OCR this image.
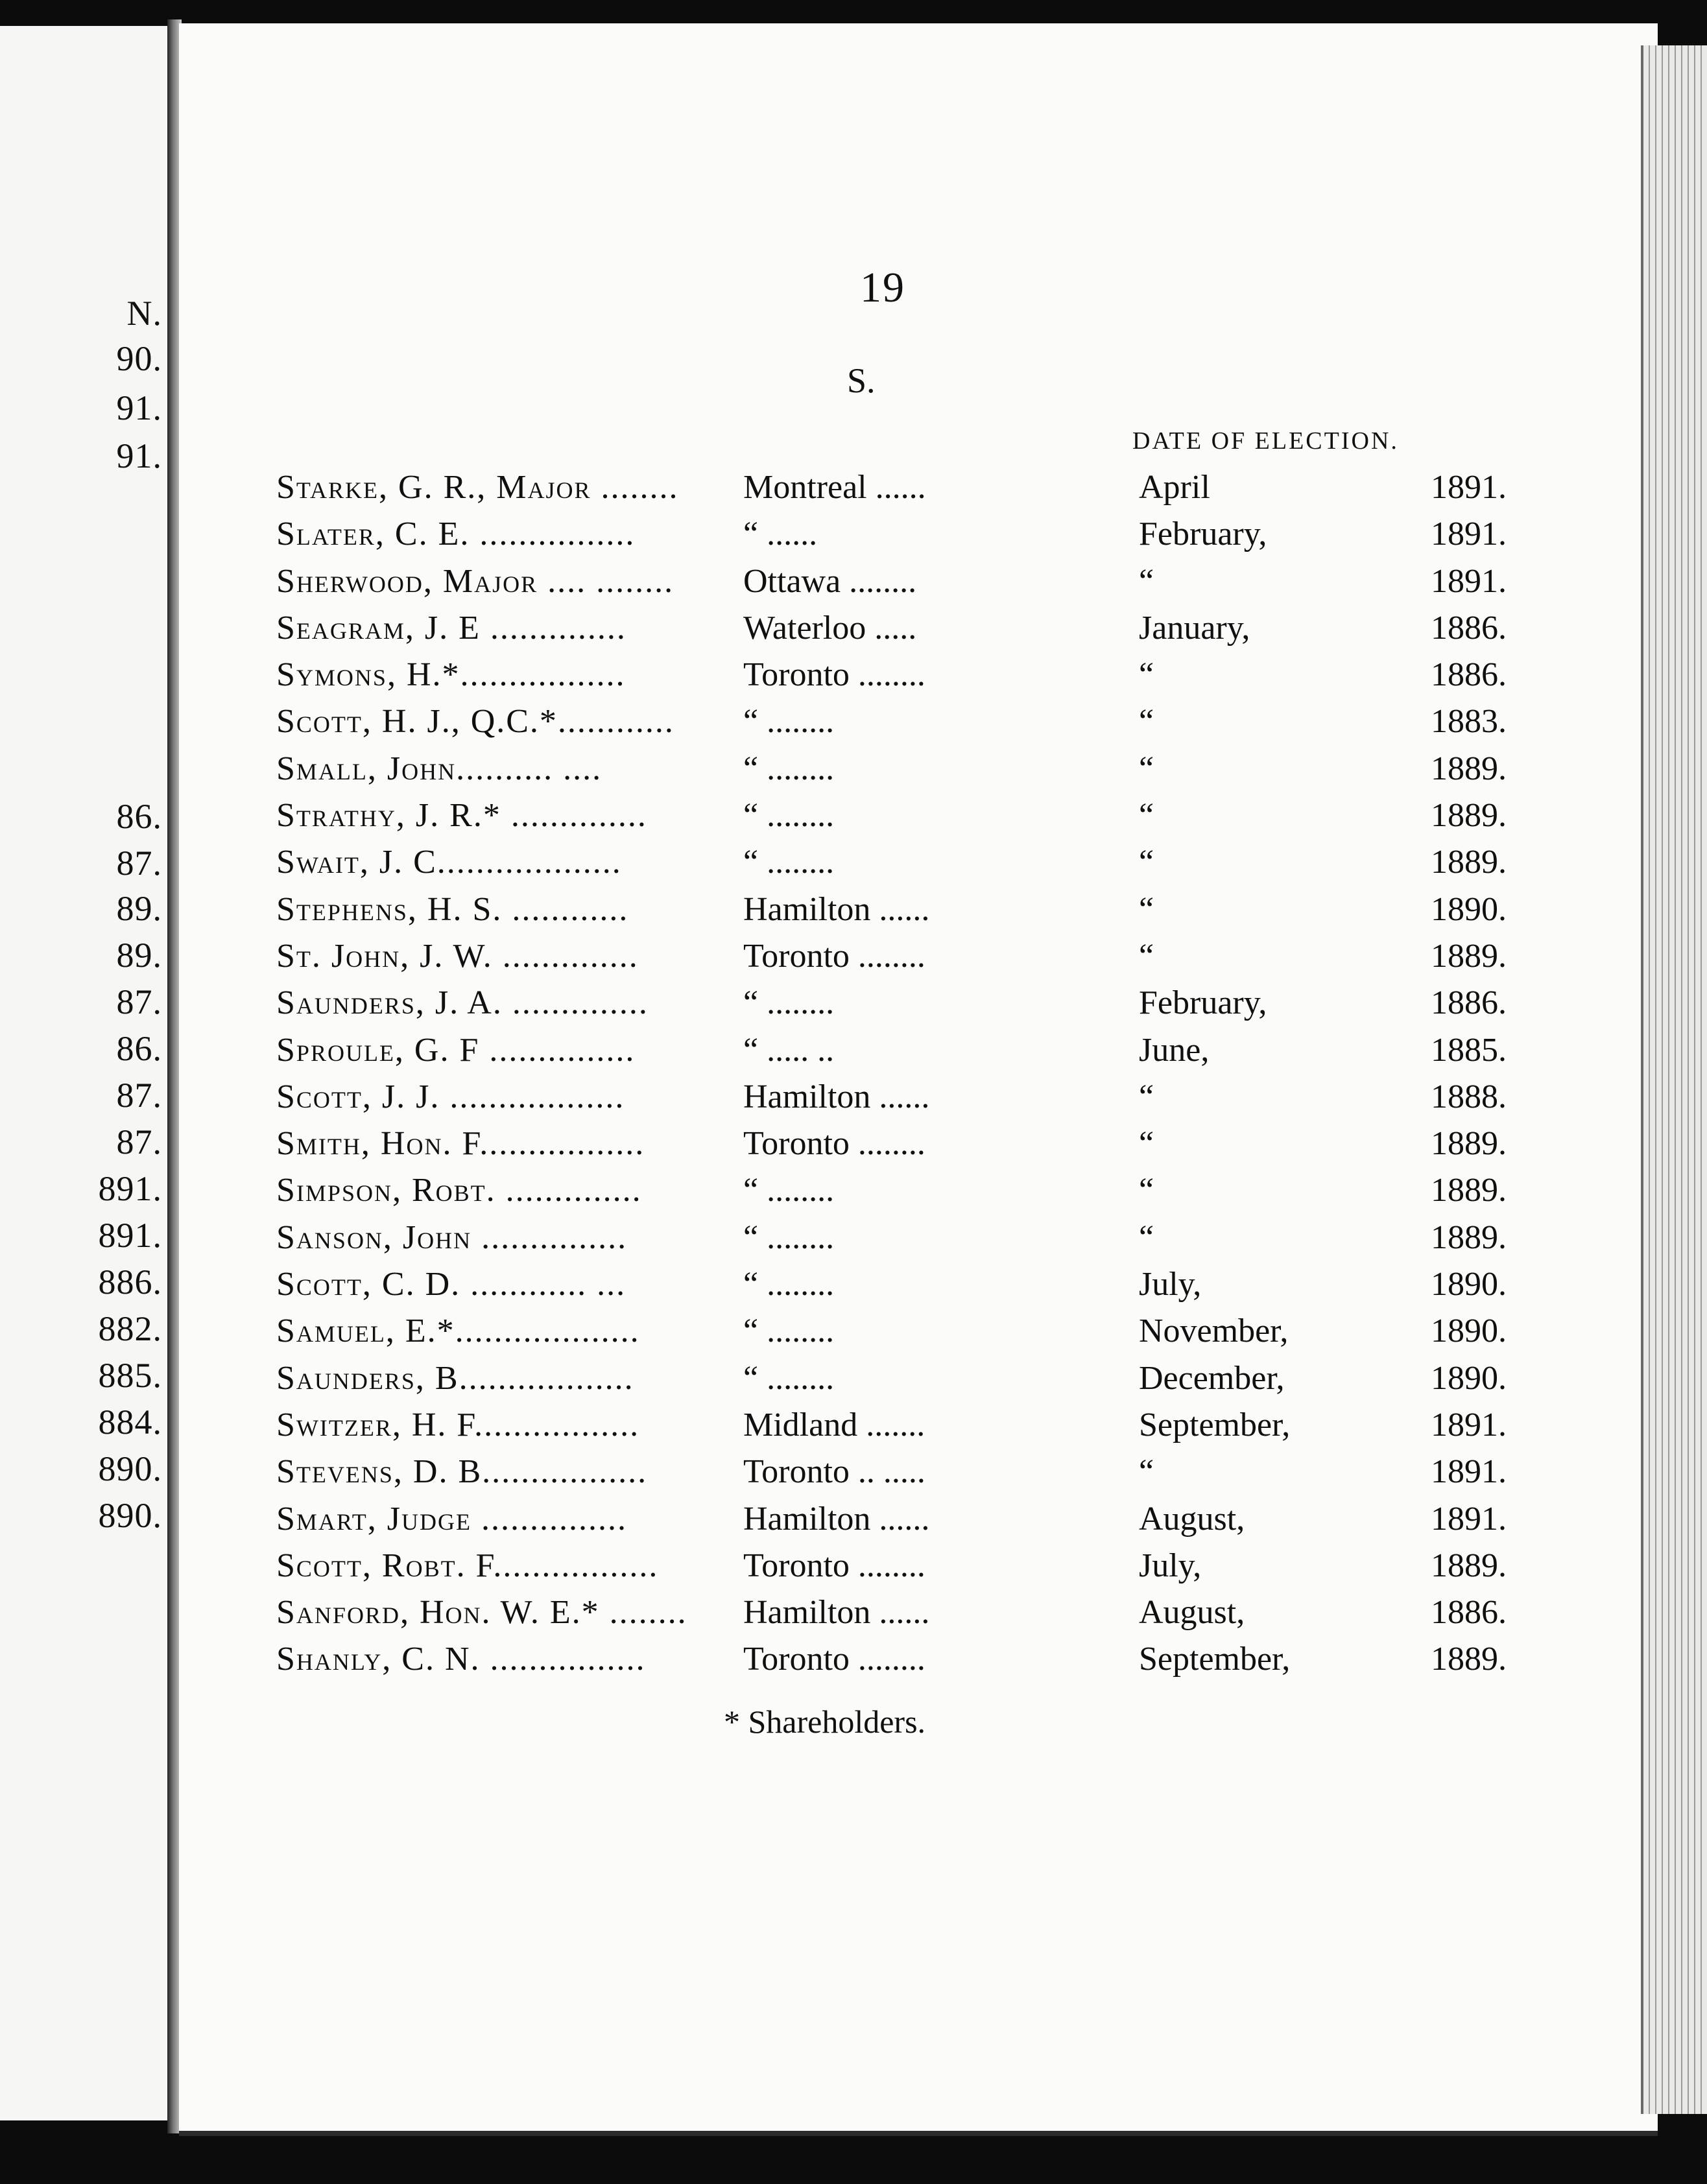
N.
90.
91.
91.
86.
87.
89.
89.
87.
86.
87.
87.
891.
891.
886.
882.
885.
884.
890.
890.
19
S.
DATE OF ELECTION.
Starke, G. R., Major ........ Montreal ......	April	1891.
Slater, C. E. ................	“ ......	February,	1891.
Sherwood, Major .... ........ Ottawa ........	“	1891.
Seagram, J. E ..............	Waterloo .....	January,	1886.
Symons, H.*.................	Toronto ........	“	1886.
Scott, H. J., Q.C.*............ “ ........	“	1883.
Small, John.......... ....	“ ........	“	1889.
Strathy, J. R.* ..............	“ ........	“	1889.
Swait, J. C...................	“ ........	“	1889.
Stephens, H. S. ............	Hamilton ......	“	1890.
St. John, J. W. ..............	Toronto ........	“	1889.
Saunders, J. A. ..............	“ ........	February,	1886.
Sproule, G. F ...............	“ ..... ..	June,	1885.
Scott, J. J. ..................	Hamilton ......	“	1888.
Smith, Hon. F.................	Toronto ........	“	1889.
Simpson, Robt. ..............	“ ........	“	1889.
Sanson, John ...............	“ ........	“	1889.
Scott, C. D. ............ ...	“ ........	July,	1890.
Samuel, E.*...................	“ ........	November,	1890.
Saunders, B..................	“ ........	December,	1890.
Switzer, H. F.................	Midland .......	September,	1891.
Stevens, D. B.................	Toronto .. .....	“	1891.
Smart, Judge ...............	Hamilton ......	August,	1891.
Scott, Robt. F.................	Toronto ........	July,	1889.
Sanford, Hon. W. E.* ........ Hamilton ......	August,	1886.
Shanly, C. N. ................	Toronto ........	September,	1889.
* Shareholders.
